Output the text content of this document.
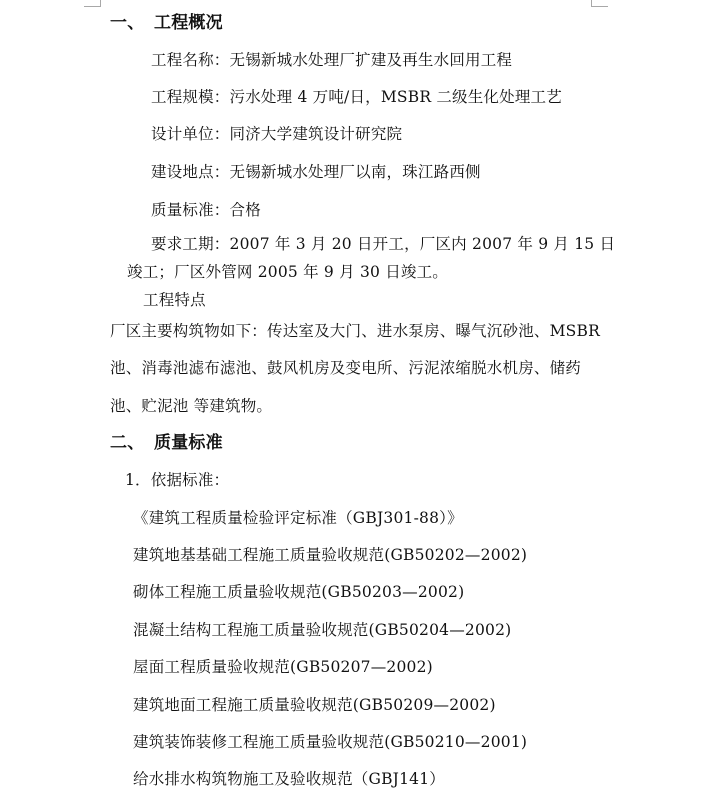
一、 工程概况
工程名称：无锡新城水处理厂扩建及再生水回用工程
工程规模：污水处理 4 万吨/日，MSBR 二级生化处理工艺
设计单位：同济大学建筑设计研究院
建设地点：无锡新城水处理厂以南，珠江路西侧
质量标准：合格
要求工期：2007 年 3 月 20 日开工，厂区内 2007 年 9 月 15 日
竣工；厂区外管网 2005 年 9 月 30 日竣工。
工程特点
厂区主要构筑物如下：传达室及大门、进水泵房、曝气沉砂池、MSBR
池、消毒池滤布滤池、鼓风机房及变电所、污泥浓缩脱水机房、储药
池、贮泥池 等建筑物。
二、 质量标准
1．依据标准：
《建筑工程质量检验评定标准（GBJ301-88）》
建筑地基基础工程施工质量验收规范(GB50202—2002)
砌体工程施工质量验收规范(GB50203—2002)
混凝土结构工程施工质量验收规范(GB50204—2002)
屋面工程质量验收规范(GB50207—2002)
建筑地面工程施工质量验收规范(GB50209—2002)
建筑装饰装修工程施工质量验收规范(GB50210—2001)
给水排水构筑物施工及验收规范（GBJ141）
